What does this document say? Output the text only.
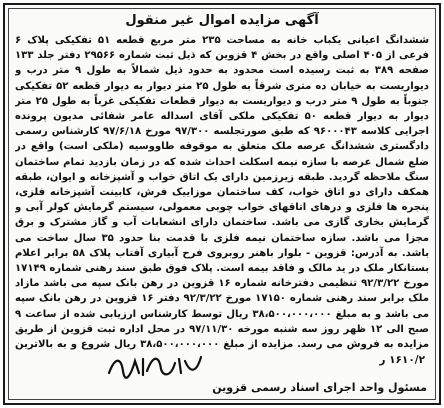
آگهی مزایده اموال غیر منقول
ششدانگ اعیانی یکباب خانه به مساحت ۲۳۵ متر مربع قطعه ۵۱ تفکیکی پلاک ۶ فرعی از ۴۰۵ اصلی واقع در بخش ۴ قزوین که ذیل ثبت شماره ۲۹۵۶۶ دفتر جلد ۱۳۳ صفحه ۳۸۹ به ثبت رسیده است محدود به حدود ذیل شمالاً به طول ۹ متر درب و دیواریست به خیابان ده متری شرقاً به طول ۲۵ متر دیوار به دیوار قطعه ۵۲ تفکیکی جنوباً به طول ۹ متر درب و دیواریست به دیوار قطعات تفکیکی غرباً به طول ۲۵ متر دیوار به دیوار قطعه ۵۰ تفکیکی ملکی آقای اسداله عامر شفائی مدیون پرونده اجرایی کلاسه ۹۶۰۰۰۴۳ که طبق صورتجلسه ۹۷/۳۰۰ مورخ ۹۷/۶/۱۸ کارشناس رسمی دادگستری ششدانگ عرصه ملک متعلق به موقوفه طاووسیه (ملکی است) واقع در ضلع شمال عرصه با سازه نیمه اسکلت احداث شده که در زمان بازدید تمام ساختمان سنگ ملاحظه گردید. طبقه زیرزمین دارای یک اتاق خواب و آشپزخانه و ایوان، طبقه همکف دارای دو اتاق خواب، کف ساختمان موزاییک فرش، کابینت آشپزخانه فلزی، پنجره ها فلزی و درهای اتاقهای خواب چوبی معمولی، سیستم گرمایش کولر آبی و گرمایش بخاری گازی می باشد. ساختمان دارای انشعابات آب و گاز مشترک و برق مجزا می باشد. سازه ساختمان نیمه فلزی با قدمت بنا حدود ۳۵ سال ساخت می باشد. به آدرس: قزوین - بلوار باهنر روبروی فرح آبیاری آفتاب پلاک ۵۸ برابر اعلام بستانکار ملک در ید مالک و فاقد بیمه است. پلاک فوق طبق سند رهنی شماره ۱۷۱۴۹ مورخ ۹۲/۳/۲۲ تنظیمی دفترخانه شماره ۱۶ قزوین در رهن بانک سپه می باشد مازاد ملک برابر سند رهنی شماره ۱۷۱۵۰ مورخ ۹۲/۳/۲۲ دفتر ۱۶ قزوین در رهن بانک سپه می باشد و به مبلغ ۳۸،۵۰۰،۰۰۰،۰۰۰ ریال توسط کارشناس ارزیابی شده از ساعت ۹ صبح الی ۱۲ ظهر روز سه شنبه مورخه ۹۷/۱۱/۳۰ در محل اداره ثبت قزوین از طریق مزایده به فروش می رسد. مزایده از مبلغ ۳۸،۵۰۰،۰۰۰،۰۰۰ ریال شروع و به بالاترین
۱۶۱۰/۲ ر
مسئول واحد اجرای اسناد رسمی قزوین
